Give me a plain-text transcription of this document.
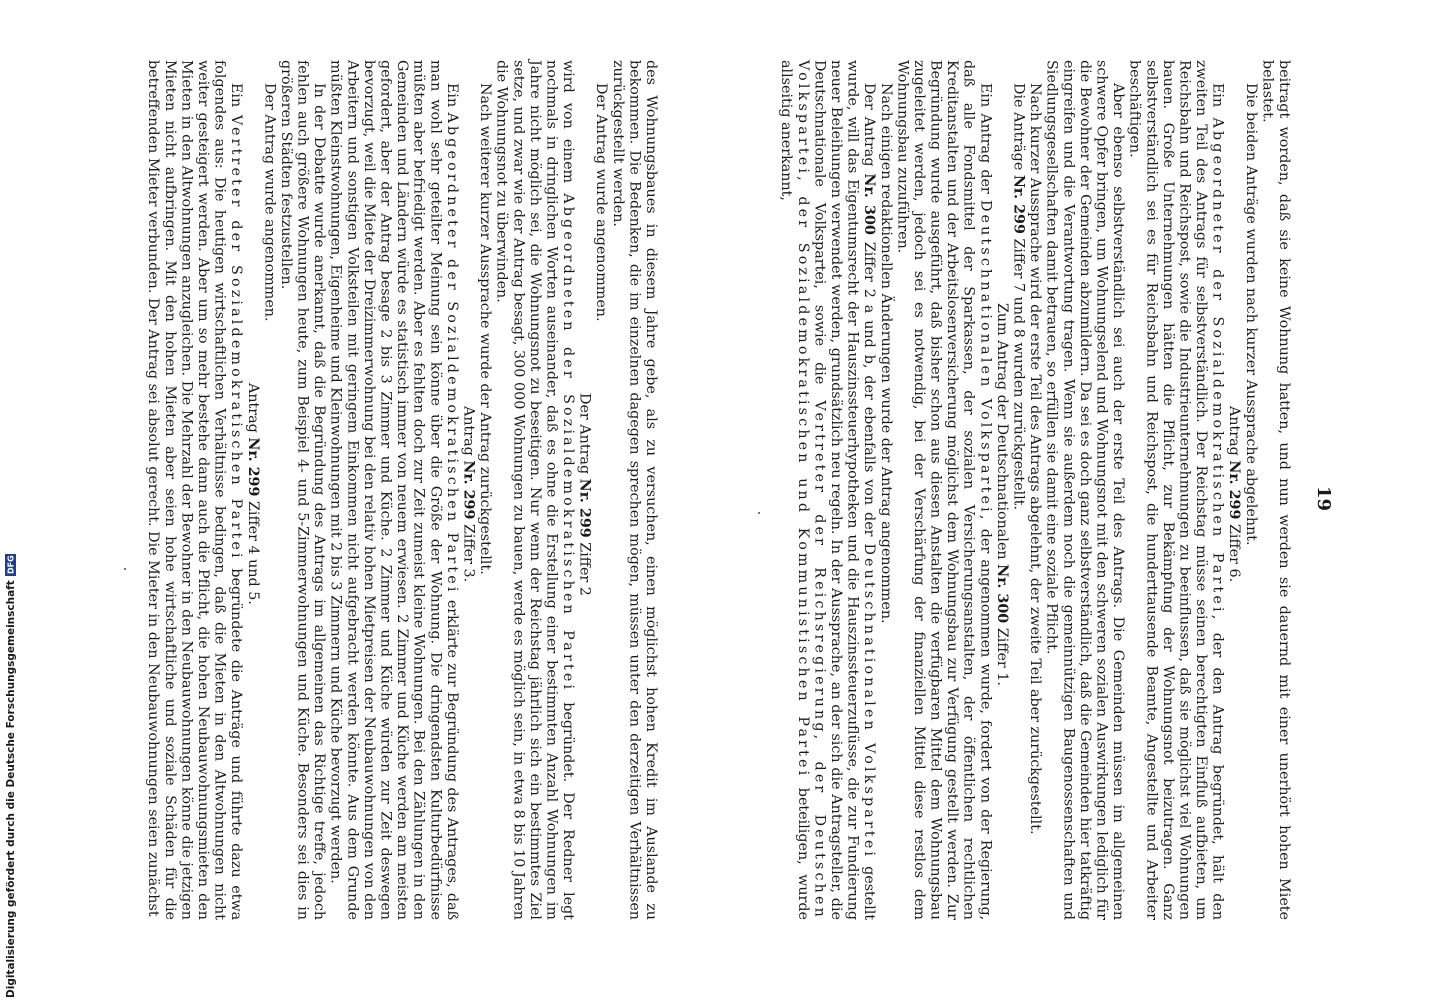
19

beitragt worden, daß sie keine Wohnung hatten, und nun werden sie dauernd mit einer unerhört hohen Miete belastet.

Die beiden Anträge wurden nach kurzer Aussprache abgelehnt.

Antrag Nr. 299 Ziffer 6.

Ein Abgeordneter der Sozialdemokratischen Partei, der den Antrag begründet, hält den zweiten Teil des Antrags für selbstverständlich. Der Reichstag müsse seinen berechtigten Einfluß aufbieten, um Reichsbahn und Reichspost, sowie die Industrieunternehmungen zu beeinflussen, daß sie möglichst viel Wohnungen bauen. Große Unternehmungen hätten die Pflicht, zur Bekämpfung der Wohnungsnot beizutragen. Ganz selbstverständlich sei es für Reichsbahn und Reichspost, die hunderttausende Beamte, Angestellte und Arbeiter beschäftigen.

Aber ebenso selbstverständlich sei auch der erste Teil des Antrags. Die Gemeinden müssen im allgemeinen schwere Opfer bringen, um Wohnungselend und Wohnungsnot mit den schweren sozialen Auswirkungen lediglich für die Bewohner der Gemeinden abzumildern. Da sei es doch ganz selbstverständlich, daß die Gemeinden hier tatkräftig eingreifen und die Verantwortung tragen. Wenn sie außerdem noch die gemeinnützigen Baugenossenschaften und Siedlungsgesellschaften damit betrauen, so erfüllen sie damit eine soziale Pflicht.

Nach kurzer Aussprache wird der erste Teil des Antrags abgelehnt, der zweite Teil aber zurückgestellt.

Die Anträge Nr. 299 Ziffer 7 und 8 wurden zurückgestellt.

Zum Antrag der Deutschnationalen Nr. 300 Ziffer 1.

Ein Antrag der Deutschnationalen Volkspartei, der angenommen wurde, fordert von der Regierung, daß alle Fondsmittel der Sparkassen, der sozialen Versicherungsanstalten, der öffentlichen rechtlichen Kreditanstalten und der Arbeitslosenversicherung möglichst dem Wohnungsbau zur Verfügung gestellt werden. Zur Begründung wurde ausgeführt, daß bisher schon aus diesen Anstalten die verfügbaren Mittel dem Wohnungsbau zugeleitet werden, jedoch sei es notwendig, bei der Verschärfung der finanziellen Mittel diese restlos dem Wohnungsbau zuzuführen.

Nach einigen redaktionellen Änderungen wurde der Antrag angenommen.

Der Antrag Nr. 300 Ziffer 2 a und b, der ebenfalls von der Deutschnationalen Volkspartei gestellt wurde, will das Eigentumsrecht der Hauszinssteuerhypotheken und die Hauszinssteuerzuflüsse, die zur Fundierung neuer Beleihungen verwendet werden, grundsätzlich neu regeln. In der Aussprache, an der sich die Antragsteller, die Deutschnationale Volkspartei, sowie die Vertreter der Reichsregierung, der Deutschen Volkspartei, der Sozialdemokratischen und Kommunistischen Partei beteiligen, wurde allseitig anerkannt,

des Wohnungsbaues in diesem Jahre gebe, als zu versuchen, einen möglichst hohen Kredit im Auslande zu bekommen. Die Bedenken, die im einzelnen dagegen sprechen mögen, müssen unter den derzeitigen Verhältnissen zurückgestellt werden.

Der Antrag wurde angenommen.

Der Antrag Nr. 299 Ziffer 2

wird von einem Abgeordneten der Sozialdemokratischen Partei begründet. Der Redner legt nochmals in dringlichen Worten auseinander, daß es ohne die Erstellung einer bestimmten Anzahl Wohnungen im Jahre nicht möglich sei, die Wohnungsnot zu beseitigen. Nur wenn der Reichstag jährlich sich ein bestimmtes Ziel setze, und zwar wie der Antrag besagt, 300 000 Wohnungen zu bauen, werde es möglich sein, in etwa 8 bis 10 Jahren die Wohnungsnot zu überwinden.

Nach weiterer kurzer Aussprache wurde der Antrag zurückgestellt.

Antrag Nr. 299 Ziffer 3.

Ein Abgeordneter der Sozialdemokratischen Partei erklärte zur Begründung des Antrages, daß man wohl sehr geteilter Meinung sein könne über die Größe der Wohnung. Die dringendsten Kulturbedürfnisse müßten aber befriedigt werden. Aber es fehlten doch zur Zeit zumeist kleine Wohnungen. Bei den Zählungen in den Gemeinden und Ländern würde es statistisch immer von neuem erwiesen. 2 Zimmer und Küche werden am meisten gefordert, aber der Antrag besage 2 bis 3 Zimmer und Küche. 2 Zimmer und Küche würden zur Zeit deswegen bevorzugt, weil die Miete der Dreizimmerwohnung bei den relativ hohen Mietpreisen der Neubauwohnungen von den Arbeitern und sonstigen Volksteilen mit geringem Einkommen nicht aufgebracht werden könnte. Aus dem Grunde müßten Kleinstwohnungen, Eigenheime und Kleinwohnungen mit 2 bis 3 Zimmern und Küche bevorzugt werden.

In der Debatte wurde anerkannt, daß die Begründung des Antrags im allgemeinen das Richtige treffe, jedoch fehlen auch größere Wohnungen heute, zum Beispiel 4- und 5-Zimmerwohnungen und Küche. Besonders sei dies in größeren Städten festzustellen.

Der Antrag wurde angenommen.

Antrag Nr. 299 Ziffer 4 und 5.

Ein Vertreter der Sozialdemokratischen Partei begründete die Anträge und führte dazu etwa folgendes aus: Die heutigen wirtschaftlichen Verhältnisse bedingen, daß die Mieten in den Altwohnungen nicht weiter gesteigert werden. Aber um so mehr bestehe dann auch die Pflicht, die hohen Neubauwohnungsmieten den Mieten in den Altwohnungen anzugleichen. Die Mehrzahl der Bewohner in den Neubauwohnungen könne die jetzigen Mieten nicht aufbringen. Mit den hohen Mieten aber seien hohe wirtschaftliche und soziale Schäden für die betreffenden Mieter verbunden. Der Antrag sei absolut gerecht. Die Mieter in den Neubauwohnungen seien zunächst

Digitalisierung gefördert durch die Deutsche Forschungsgemeinschaft
DFG
